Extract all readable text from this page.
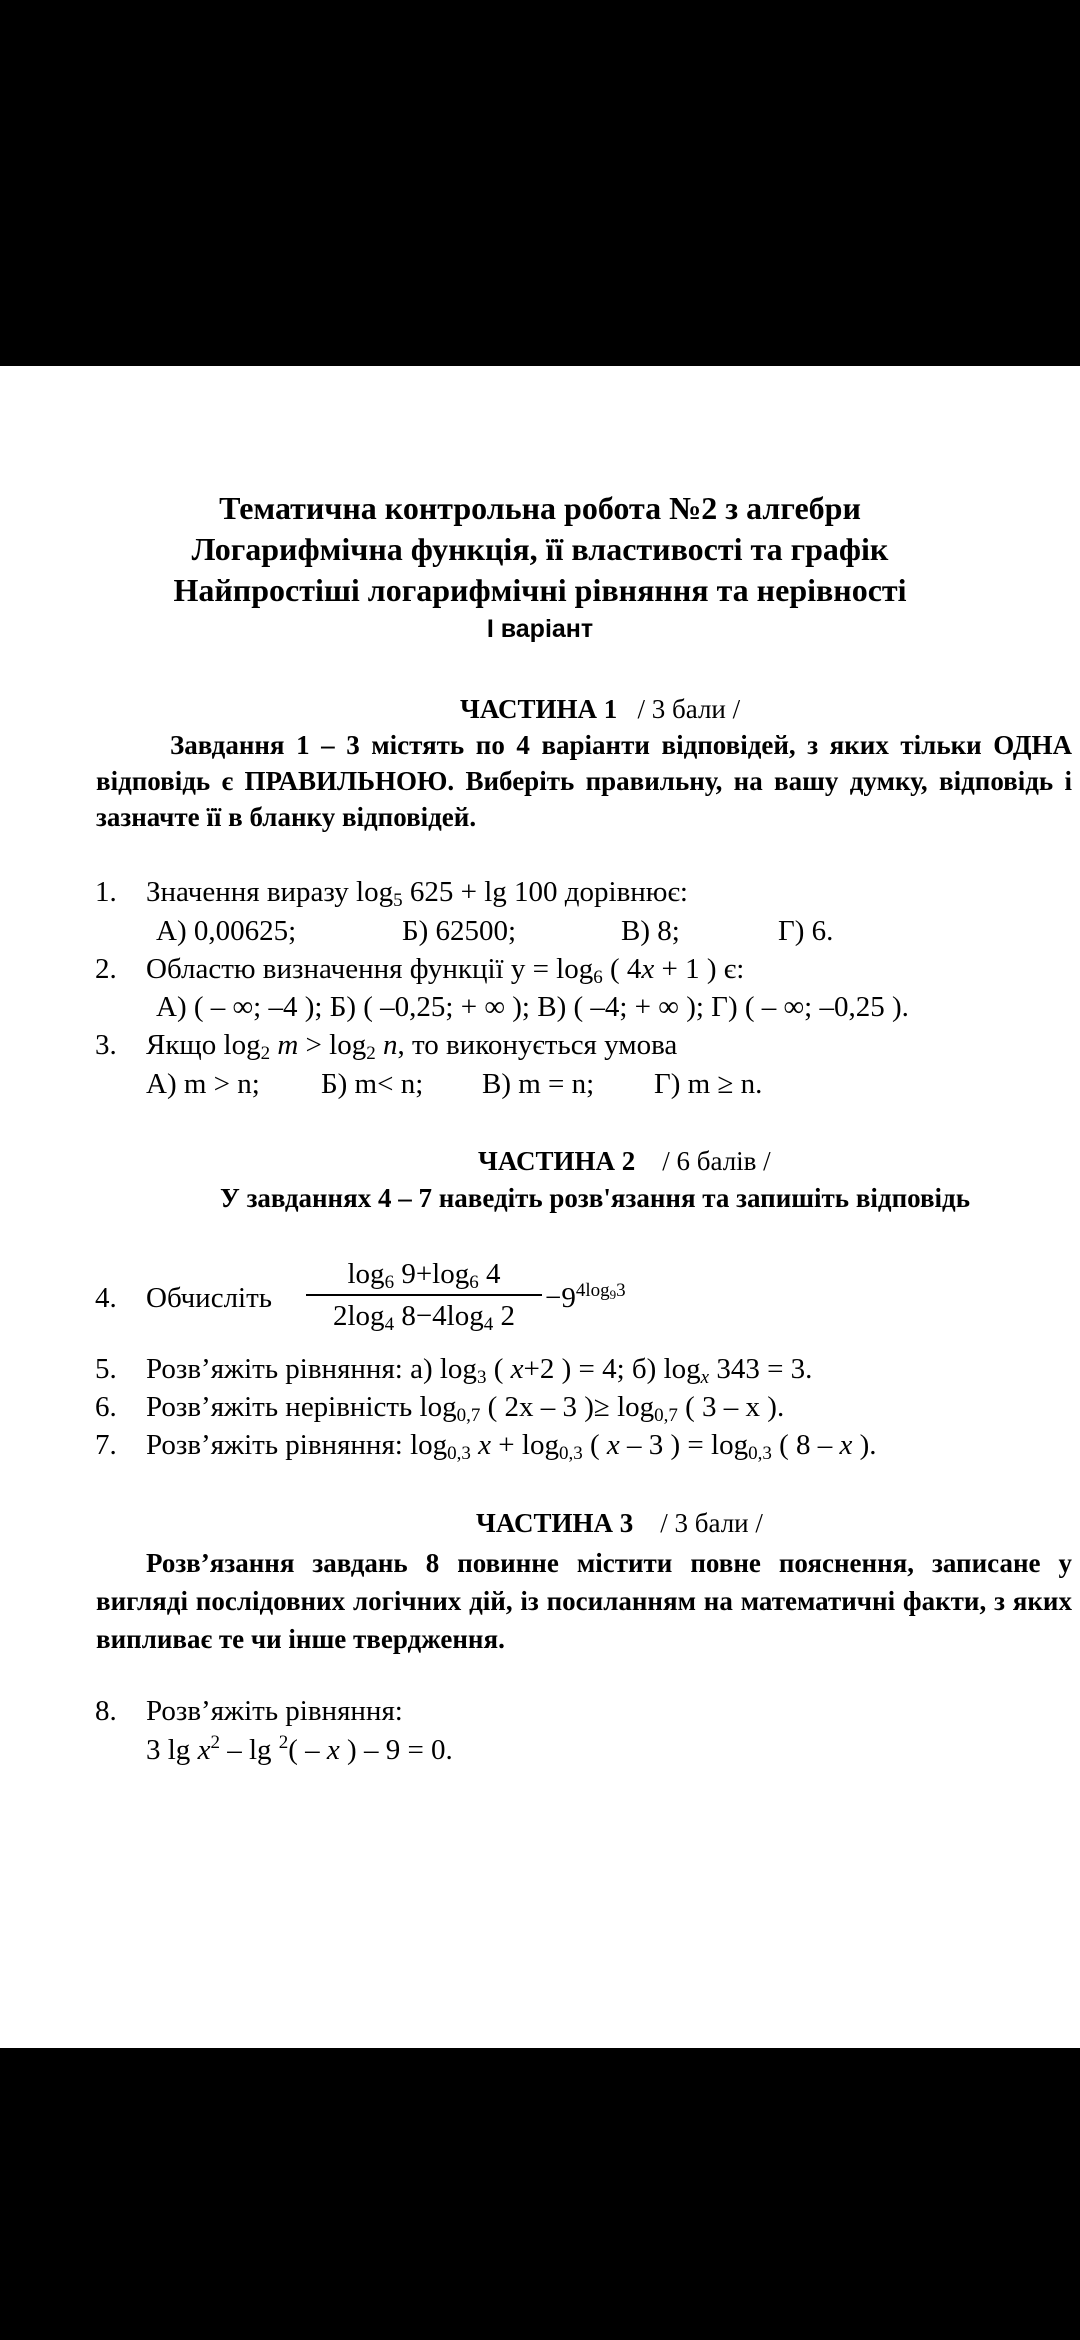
Тематична контрольна робота №2 з алгебри
Логарифмічна функція, її властивості та графік
Найпростіші логарифмічні рівняння та нерівності
І варіант
ЧАСТИНА 1 / 3 бали /
Завдання 1 – 3 містять по 4 варіанти відповідей, з яких тільки ОДНА відповідь є ПРАВИЛЬНОЮ. Виберіть правильну, на вашу думку, відповідь і зазначте її в бланку відповідей.
1. Значення виразу $\log_5 625 + \lg 100$ дорівнює:
А) 0,00625;	Б) 62500;	В) 8;	Г) 6.
2. Областю визначення функції $у = \log_6$ ( 4x + 1 ) є:
А) ( – ∞; –4 ); Б) ( –0,25; + ∞ ); В) ( –4; + ∞ ); Г) ( – ∞; –0,25 ).
3. Якщо $\log_2 m > \log_2 n$, то виконується умова
А) m > n; Б) m< n; В) m = n; Г) m ≥ n.
ЧАСТИНА 2 / 6 балів /
У завданнях 4 – 7 наведіть розв'язання та запишіть відповідь
4. Обчисліть
$\log_6 9+\log_6$ 4
$2\log_4$ $8-4\log_4$ 2
$-9^{4log93}$
5. Розв’яжіть рівняння: а) $\log_3$ ( x+2 ) = 4; б) $\log_x 343 = 3$.
6. Розв’яжіть нерівність $\log_{0,7}$ ( 2x – 3 )≥ $\log_{0,7}$ ( 3 – x ).
7. Розв’яжіть рівняння: $\log_{0,3} x + \log_{0,3}$ ( x – 3 ) = $\log_{0,3}$ ( 8 – x ).
ЧАСТИНА 3 / 3 бали /
Розв’язання завдань 8 повинне містити повне пояснення, записане у вигляді послідовних логічних дій, із посиланням на математичні факти, з яких випливає те чи інше твердження.
8. Розв’яжіть рівняння:
3 $\lg x^2$ – lg $^2$( – x ) – 9 = 0.
